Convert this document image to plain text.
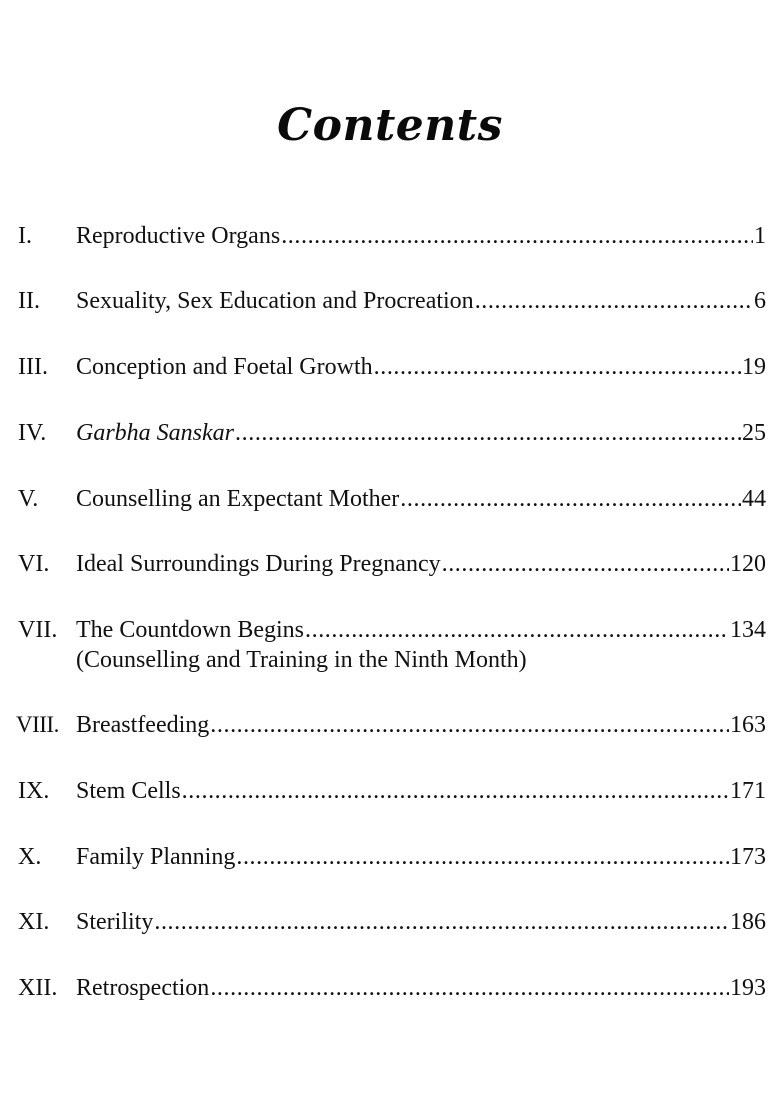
Contents
I. Reproductive Organs .....	1
II. Sexuality, Sex Education and Procreation .....	6
III. Conception and Foetal Growth .....	19
IV. Garbha Sanskar .....	25
V. Counselling an Expectant Mother .....	44
VI. Ideal Surroundings During Pregnancy .....	120
VII. The Countdown Begins .....	134
(Counselling and Training in the Ninth Month)
VIII. Breastfeeding .....	163
IX. Stem Cells .....	171
X. Family Planning .....	173
XI. Sterility .....	186
XII. Retrospection .....	193
